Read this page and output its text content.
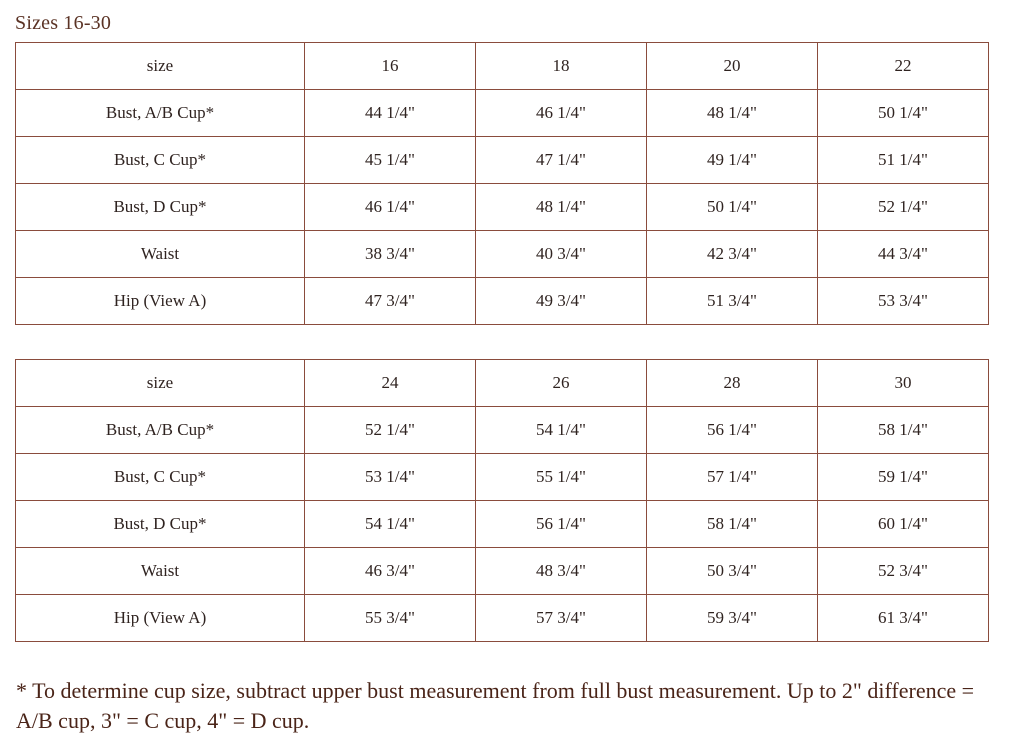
Sizes 16-30
size	16	18	20	22
Bust, A/B Cup*	44 1/4"	46 1/4"	48 1/4"	50 1/4"
Bust, C Cup*	45 1/4"	47 1/4"	49 1/4"	51 1/4"
Bust, D Cup*	46 1/4"	48 1/4"	50 1/4"	52 1/4"
Waist	38 3/4"	40 3/4"	42 3/4"	44 3/4"
Hip (View A)	47 3/4"	49 3/4"	51 3/4"	53 3/4"
size	24	26	28	30
Bust, A/B Cup*	52 1/4"	54 1/4"	56 1/4"	58 1/4"
Bust, C Cup*	53 1/4"	55 1/4"	57 1/4"	59 1/4"
Bust, D Cup*	54 1/4"	56 1/4"	58 1/4"	60 1/4"
Waist	46 3/4"	48 3/4"	50 3/4"	52 3/4"
Hip (View A)	55 3/4"	57 3/4"	59 3/4"	61 3/4"
* To determine cup size, subtract upper bust measurement from full bust measurement. Up to 2" difference = A/B cup, 3" = C cup, 4" = D cup.
